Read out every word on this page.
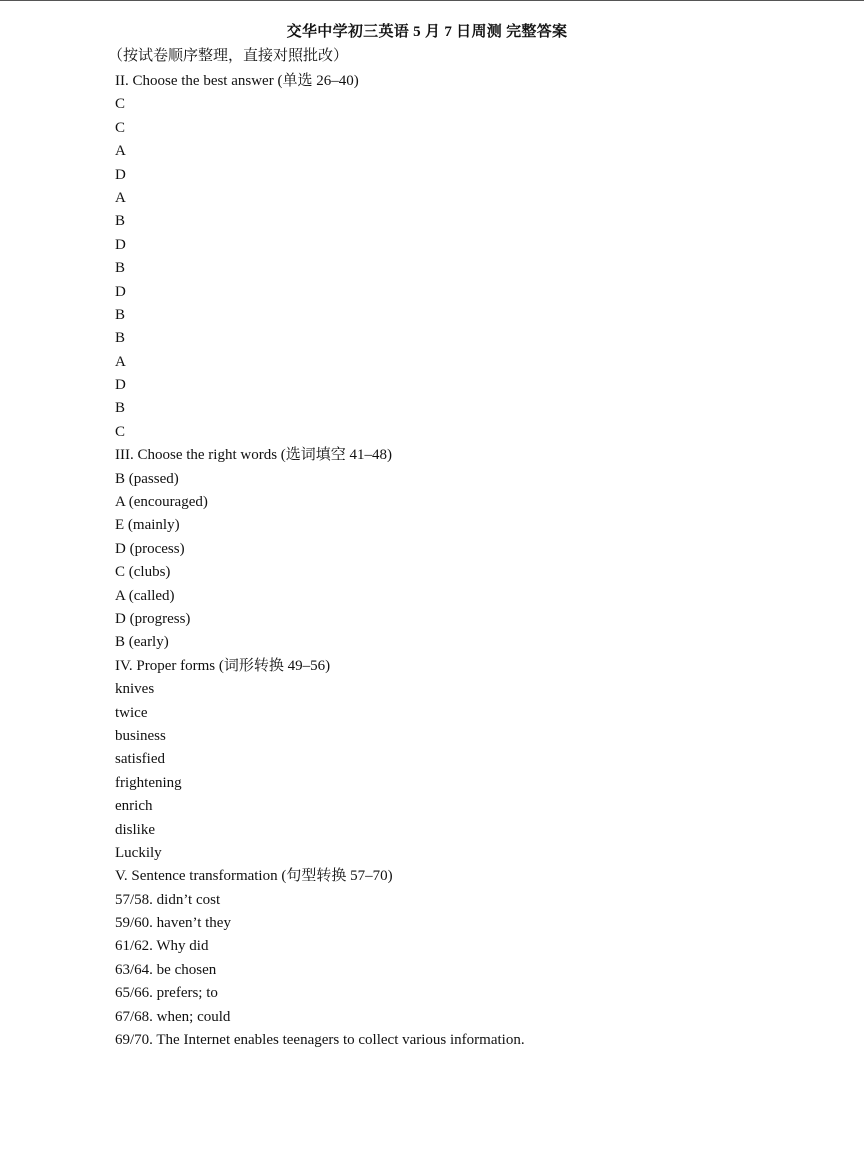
交华中学初三英语 5 月 7 日周测 完整答案
（按试卷顺序整理，直接对照批改）
II. Choose the best answer (单选 26–40)
C
C
A
D
A
B
D
B
D
B
B
A
D
B
C
III. Choose the right words (选词填空 41–48)
B (passed)
A (encouraged)
E (mainly)
D (process)
C (clubs)
A (called)
D (progress)
B (early)
IV. Proper forms (词形转换 49–56)
knives
twice
business
satisfied
frightening
enrich
dislike
Luckily
V. Sentence transformation (句型转换 57–70)
57/58. didn’t cost
59/60. haven’t they
61/62. Why did
63/64. be chosen
65/66. prefers; to
67/68. when; could
69/70. The Internet enables teenagers to collect various information.
